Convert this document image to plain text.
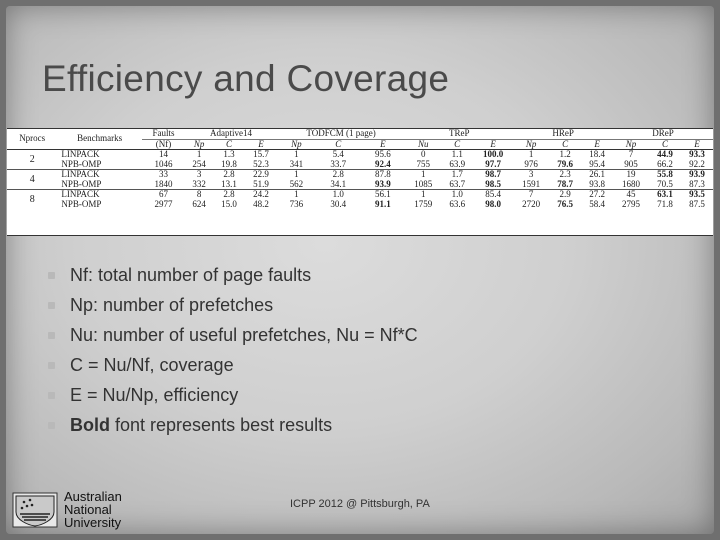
Efficiency and Coverage
Nprocs	Benchmarks	Faults	Adaptive14			TODFCM (1 page)			TReP			HReP			DReP		
		(Nf)	Np	C	E	Np	C	E	Nu	C	E	Np	C	E	Np	C	E
2	LINPACK	14	1	1.3	15.7	1	5.4	95.6	0	1.1	100.0	1	1.2	18.4	7	44.9	93.3
	NPB-OMP	1046	254	19.8	52.3	341	33.7	92.4	755	63.9	97.7	976	79.6	95.4	905	66.2	92.2
4	LINPACK	33	3	2.8	22.9	1	2.8	87.8	1	1.7	98.7	3	2.3	26.1	19	55.8	93.9
	NPB-OMP	1840	332	13.1	51.9	562	34.1	93.9	1085	63.7	98.5	1591	78.7	93.8	1680	70.5	87.3
8	LINPACK	67	8	2.8	24.2	1	1.0	56.1	1	1.0	85.4	7	2.9	27.2	45	63.1	93.5
	NPB-OMP	2977	624	15.0	48.2	736	30.4	91.1	1759	63.6	98.0	2720	76.5	58.4	2795	71.8	87.5
Nf: total number of page faults
Np: number of prefetches
Nu: number of useful prefetches, Nu = Nf*C
C = Nu/Nf, coverage
E = Nu/Np, efficiency
Bold font represents best results
Australian
National
University
ICPP 2012 @ Pittsburgh, PA
